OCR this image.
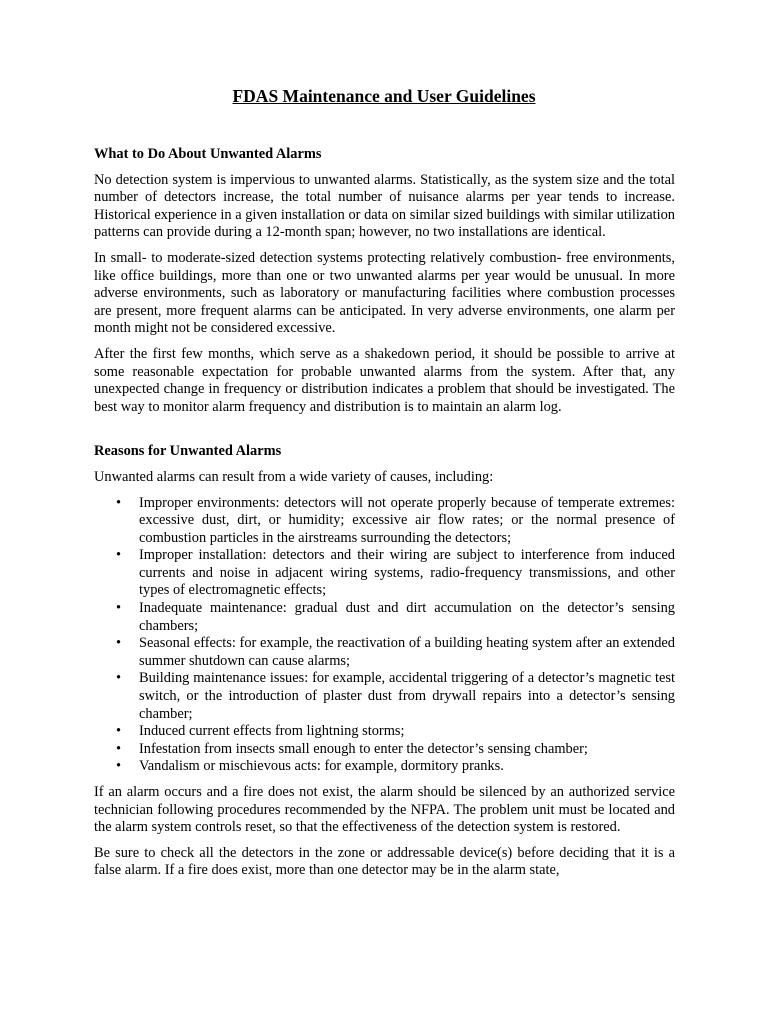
FDAS Maintenance and User Guidelines

What to Do About Unwanted Alarms

No detection system is impervious to unwanted alarms. Statistically, as the system size and the total number of detectors increase, the total number of nuisance alarms per year tends to increase. Historical experience in a given installation or data on similar sized buildings with similar utilization patterns can provide during a 12-month span; however, no two installations are identical.

In small- to moderate-sized detection systems protecting relatively combustion- free environments, like office buildings, more than one or two unwanted alarms per year would be unusual. In more adverse environments, such as laboratory or manufacturing facilities where combustion processes are present, more frequent alarms can be anticipated. In very adverse environments, one alarm per month might not be considered excessive.

After the first few months, which serve as a shakedown period, it should be possible to arrive at some reasonable expectation for probable unwanted alarms from the system. After that, any unexpected change in frequency or distribution indicates a problem that should be investigated. The best way to monitor alarm frequency and distribution is to maintain an alarm log.

Reasons for Unwanted Alarms

Unwanted alarms can result from a wide variety of causes, including:

• Improper environments: detectors will not operate properly because of temperate extremes: excessive dust, dirt, or humidity; excessive air flow rates; or the normal presence of combustion particles in the airstreams surrounding the detectors;
• Improper installation: detectors and their wiring are subject to interference from induced currents and noise in adjacent wiring systems, radio-frequency transmissions, and other types of electromagnetic effects;
• Inadequate maintenance: gradual dust and dirt accumulation on the detector’s sensing chambers;
• Seasonal effects: for example, the reactivation of a building heating system after an extended summer shutdown can cause alarms;
• Building maintenance issues: for example, accidental triggering of a detector’s magnetic test switch, or the introduction of plaster dust from drywall repairs into a detector’s sensing chamber;
• Induced current effects from lightning storms;
• Infestation from insects small enough to enter the detector’s sensing chamber;
• Vandalism or mischievous acts: for example, dormitory pranks.

If an alarm occurs and a fire does not exist, the alarm should be silenced by an authorized service technician following procedures recommended by the NFPA. The problem unit must be located and the alarm system controls reset, so that the effectiveness of the detection system is restored.

Be sure to check all the detectors in the zone or addressable device(s) before deciding that it is a false alarm. If a fire does exist, more than one detector may be in the alarm state,
